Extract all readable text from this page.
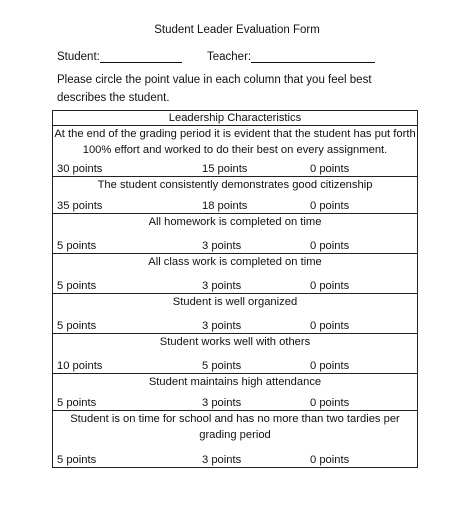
Student Leader Evaluation Form
Student:	Teacher:
Please circle the point value in each column that you feel best describes the student.
Leadership Characteristics

At the end of the grading period it is evident that the student has put forth 100% effort and worked to do their best on every assignment.
30 points	15 points	0 points

The student consistently demonstrates good citizenship
35 points	18 points	0 points

All homework is completed on time
5 points	3 points	0 points

All class work is completed on time
5 points	3 points	0 points

Student is well organized
5 points	3 points	0 points

Student works well with others
10 points	5 points	0 points

Student maintains high attendance
5 points	3 points	0 points

Student is on time for school and has no more than two tardies per grading period
5 points	3 points	0 points
